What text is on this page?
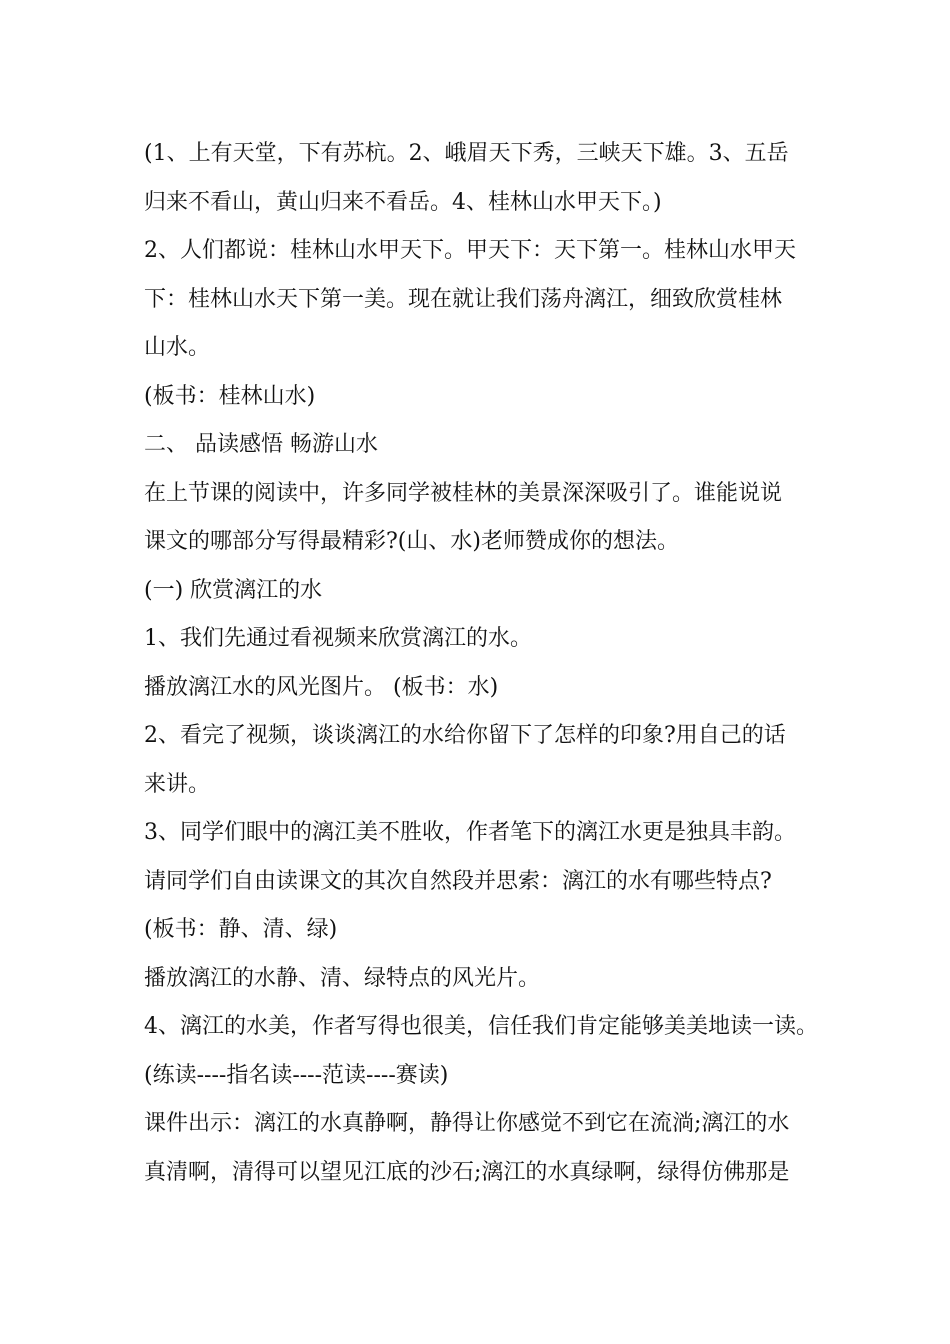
(1、上有天堂，下有苏杭。2、峨眉天下秀，三峡天下雄。3、五岳
归来不看山，黄山归来不看岳。4、桂林山水甲天下。)
2、人们都说：桂林山水甲天下。甲天下：天下第一。桂林山水甲天
下：桂林山水天下第一美。现在就让我们荡舟漓江，细致欣赏桂林
山水。
(板书：桂林山水)
二、 品读感悟 畅游山水
在上节课的阅读中，许多同学被桂林的美景深深吸引了。谁能说说
课文的哪部分写得最精彩?(山、水)老师赞成你的想法。
(一) 欣赏漓江的水
1、我们先通过看视频来欣赏漓江的水。
播放漓江水的风光图片。 (板书：水)
2、看完了视频，谈谈漓江的水给你留下了怎样的印象?用自己的话
来讲。
3、同学们眼中的漓江美不胜收，作者笔下的漓江水更是独具丰韵。
请同学们自由读课文的其次自然段并思索：漓江的水有哪些特点?
(板书：静、清、绿)
播放漓江的水静、清、绿特点的风光片。
4、漓江的水美，作者写得也很美，信任我们肯定能够美美地读一读。
(练读----指名读----范读----赛读)
课件出示：漓江的水真静啊，静得让你感觉不到它在流淌;漓江的水
真清啊，清得可以望见江底的沙石;漓江的水真绿啊，绿得仿佛那是
